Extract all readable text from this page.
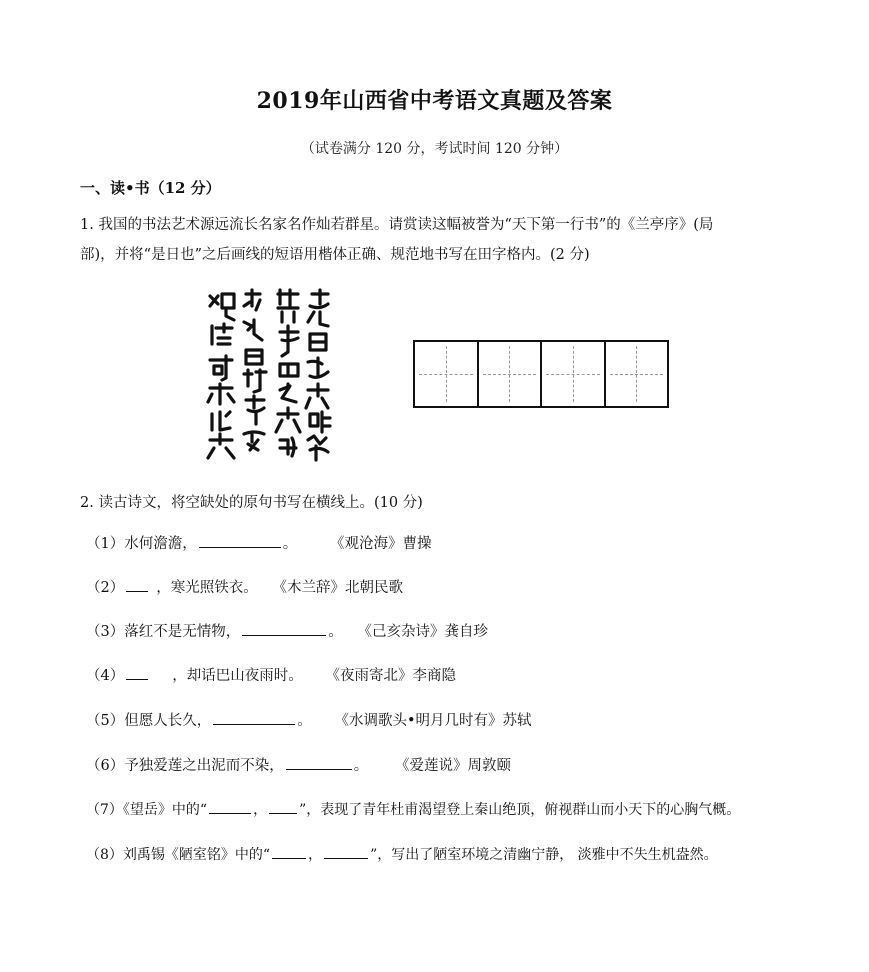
2019年山西省中考语文真题及答案
（试卷满分 120 分，考试时间 120 分钟）
一、读•书（12 分）
1. 我国的书法艺术源远流长名家名作灿若群星。请赏读这幅被誉为“天下第一行书”的《兰亭序》(局
部)，并将“是日也”之后画线的短语用楷体正确、规范地书写在田字格内。(2 分)
2. 读古诗文，将空缺处的原句书写在横线上。(10 分)
（1）水何澹澹，	。	《观沧海》曹操
（2） ，寒光照铁衣。 《木兰辞》北朝民歌
（3）落红不是无情物，	。 《己亥杂诗》龚自珍
（4）	，却话巴山夜雨时。 《夜雨寄北》李商隐
（5）但愿人长久，	。 《水调歌头•明月几时有》苏轼
（6）予独爱莲之出泥而不染，	。 《爱莲说》周敦颐
（7）《望岳》中的“	， ”，表现了青年杜甫渴望登上秦山绝顶，俯视群山而小天下的心胸气概。
（8）刘禹锡《陋室铭》中的“	，	”，写出了陋室环境之清幽宁静， 淡雅中不失生机盎然。
